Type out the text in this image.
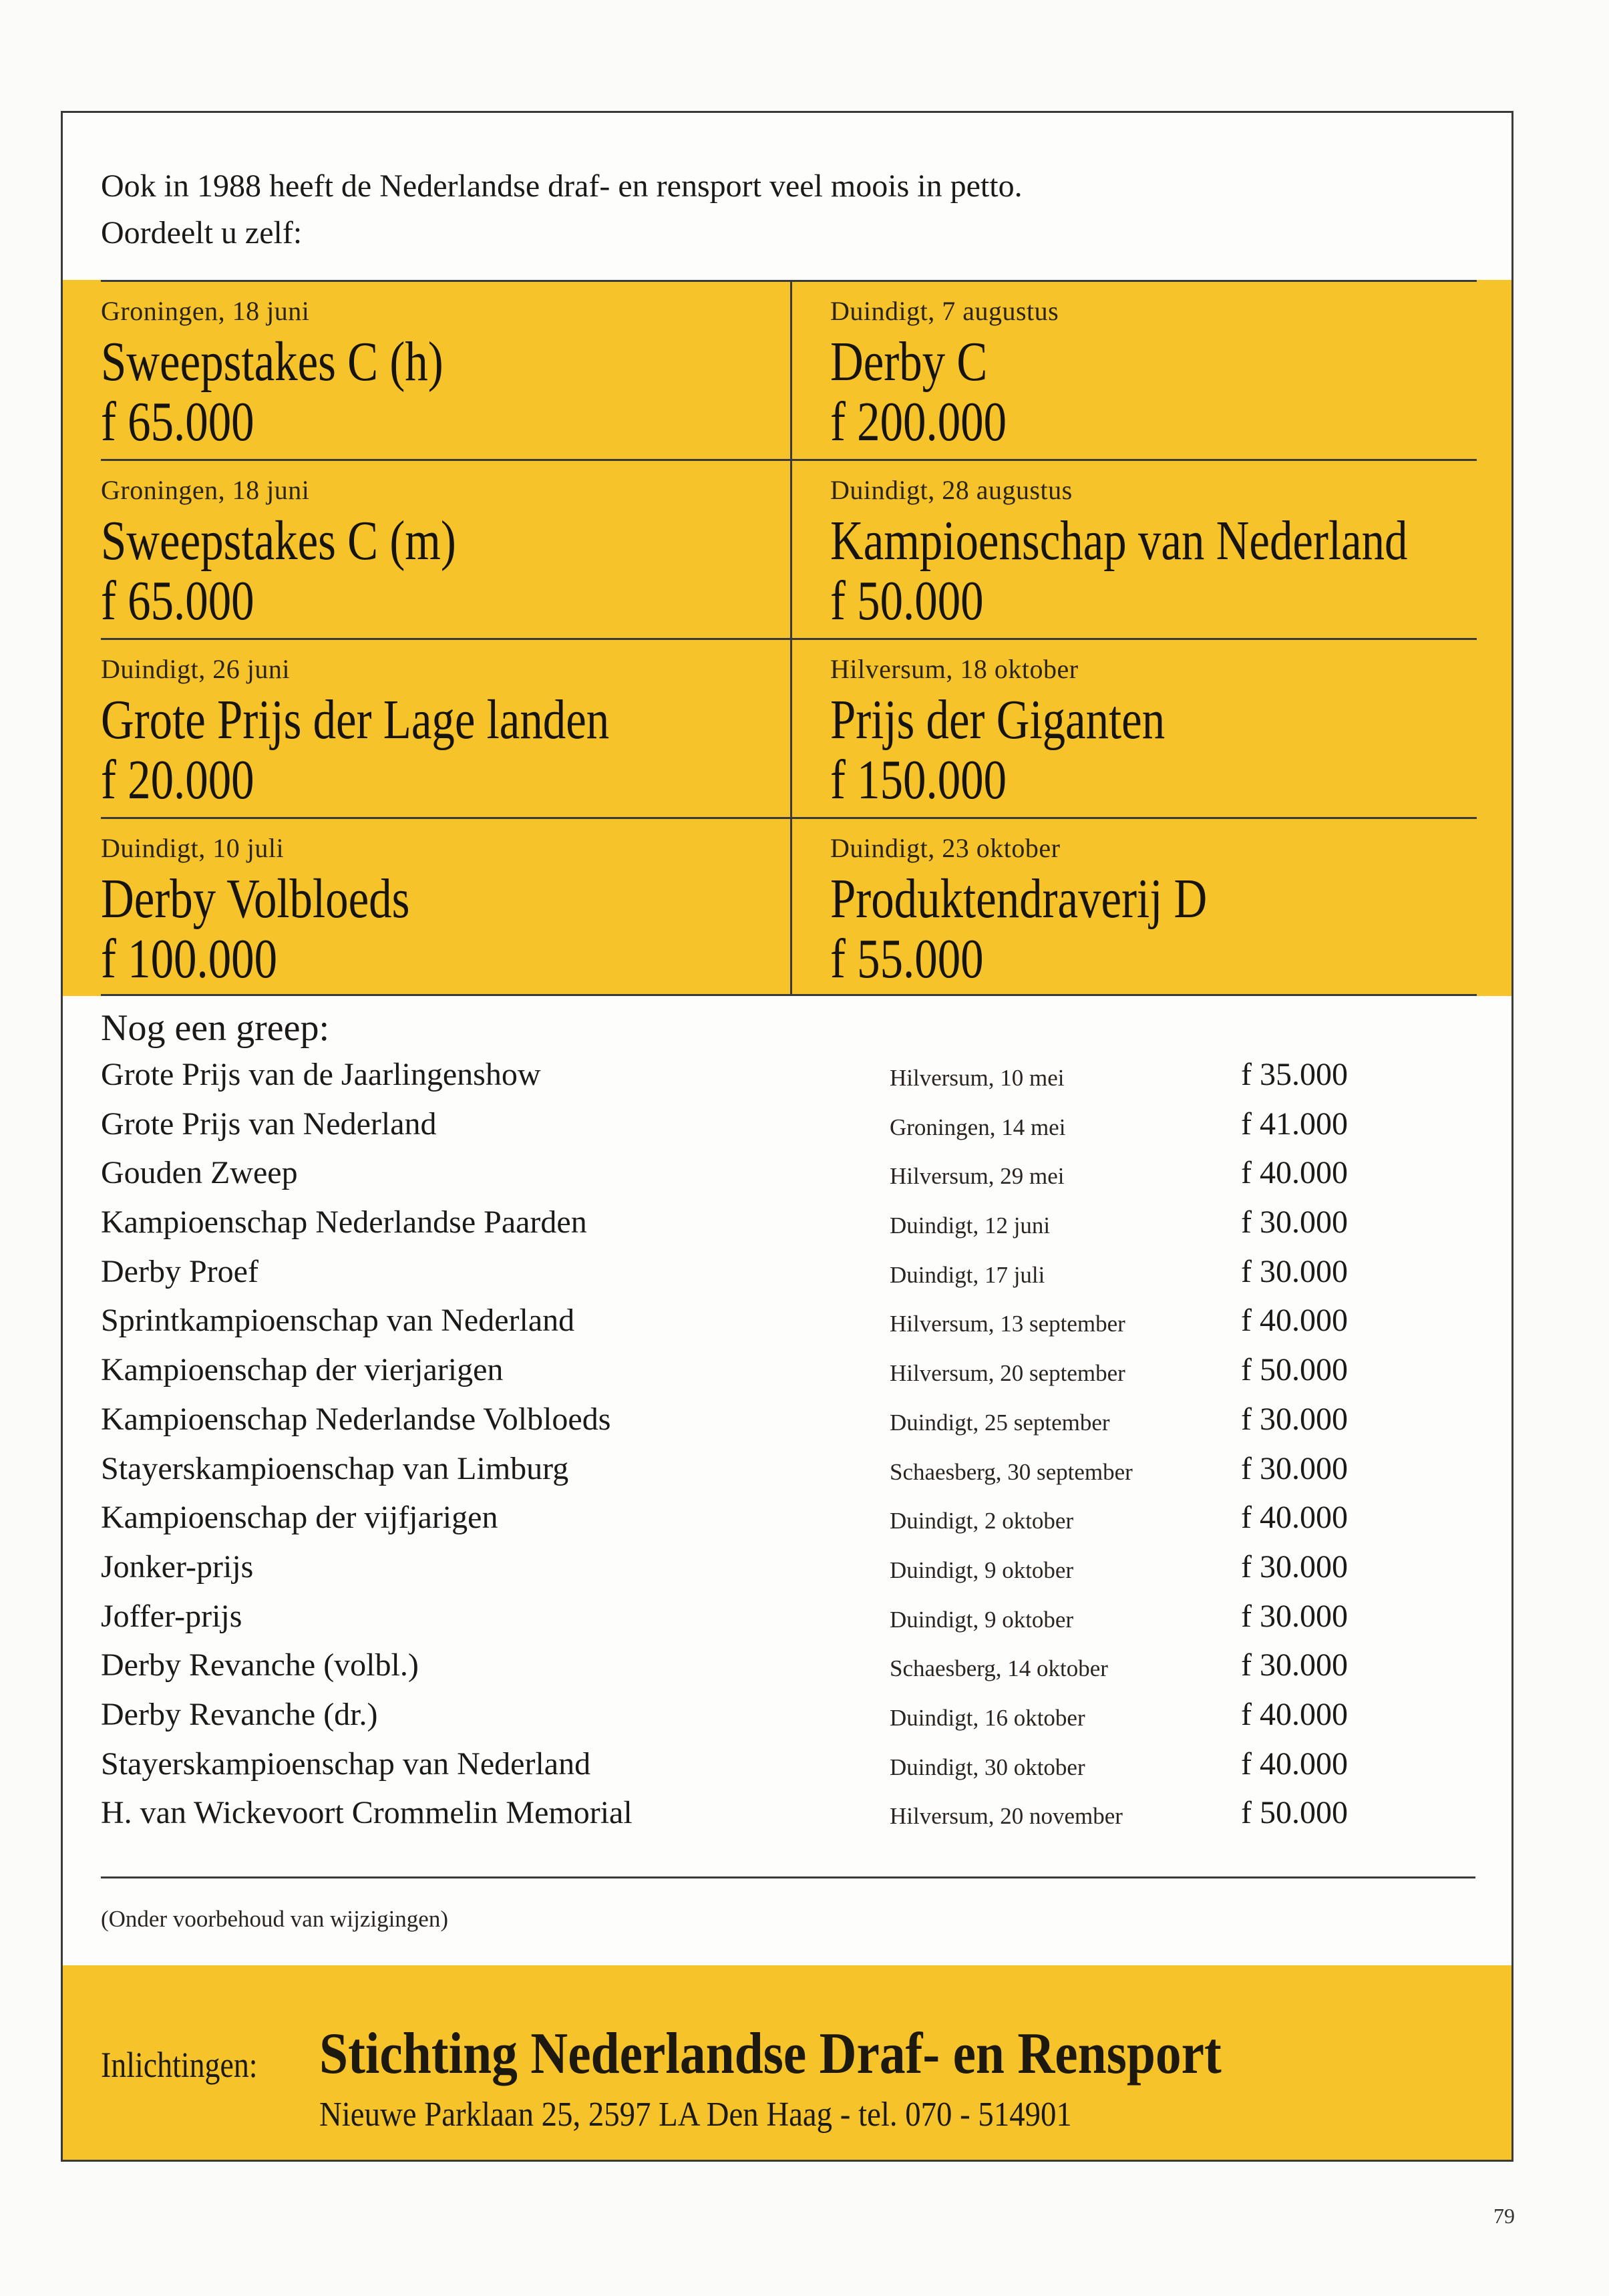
Ook in 1988 heeft de Nederlandse draf- en rensport veel moois in petto.
Oordeelt u zelf:
Groningen, 18 juni
Sweepstakes C (h)
f 65.000
Duindigt, 7 augustus
Derby C
f 200.000
Groningen, 18 juni
Sweepstakes C (m)
f 65.000
Duindigt, 28 augustus
Kampioenschap van Nederland
f 50.000
Duindigt, 26 juni
Grote Prijs der Lage landen
f 20.000
Hilversum, 18 oktober
Prijs der Giganten
f 150.000
Duindigt, 10 juli
Derby Volbloeds
f 100.000
Duindigt, 23 oktober
Produktendraverij D
f 55.000
Nog een greep:
Grote Prijs van de Jaarlingenshow	Hilversum, 10 mei	f 35.000
Grote Prijs van Nederland	Groningen, 14 mei	f 41.000
Gouden Zweep	Hilversum, 29 mei	f 40.000
Kampioenschap Nederlandse Paarden	Duindigt, 12 juni	f 30.000
Derby Proef	Duindigt, 17 juli	f 30.000
Sprintkampioenschap van Nederland	Hilversum, 13 september	f 40.000
Kampioenschap der vierjarigen	Hilversum, 20 september	f 50.000
Kampioenschap Nederlandse Volbloeds	Duindigt, 25 september	f 30.000
Stayerskampioenschap van Limburg	Schaesberg, 30 september	f 30.000
Kampioenschap der vijfjarigen	Duindigt, 2 oktober	f 40.000
Jonker-prijs	Duindigt, 9 oktober	f 30.000
Joffer-prijs	Duindigt, 9 oktober	f 30.000
Derby Revanche (volbl.)	Schaesberg, 14 oktober	f 30.000
Derby Revanche (dr.)	Duindigt, 16 oktober	f 40.000
Stayerskampioenschap van Nederland	Duindigt, 30 oktober	f 40.000
H. van Wickevoort Crommelin Memorial	Hilversum, 20 november	f 50.000
(Onder voorbehoud van wijzigingen)
Inlichtingen: Stichting Nederlandse Draf- en Rensport
Nieuwe Parklaan 25, 2597 LA Den Haag - tel. 070 - 514901
79
